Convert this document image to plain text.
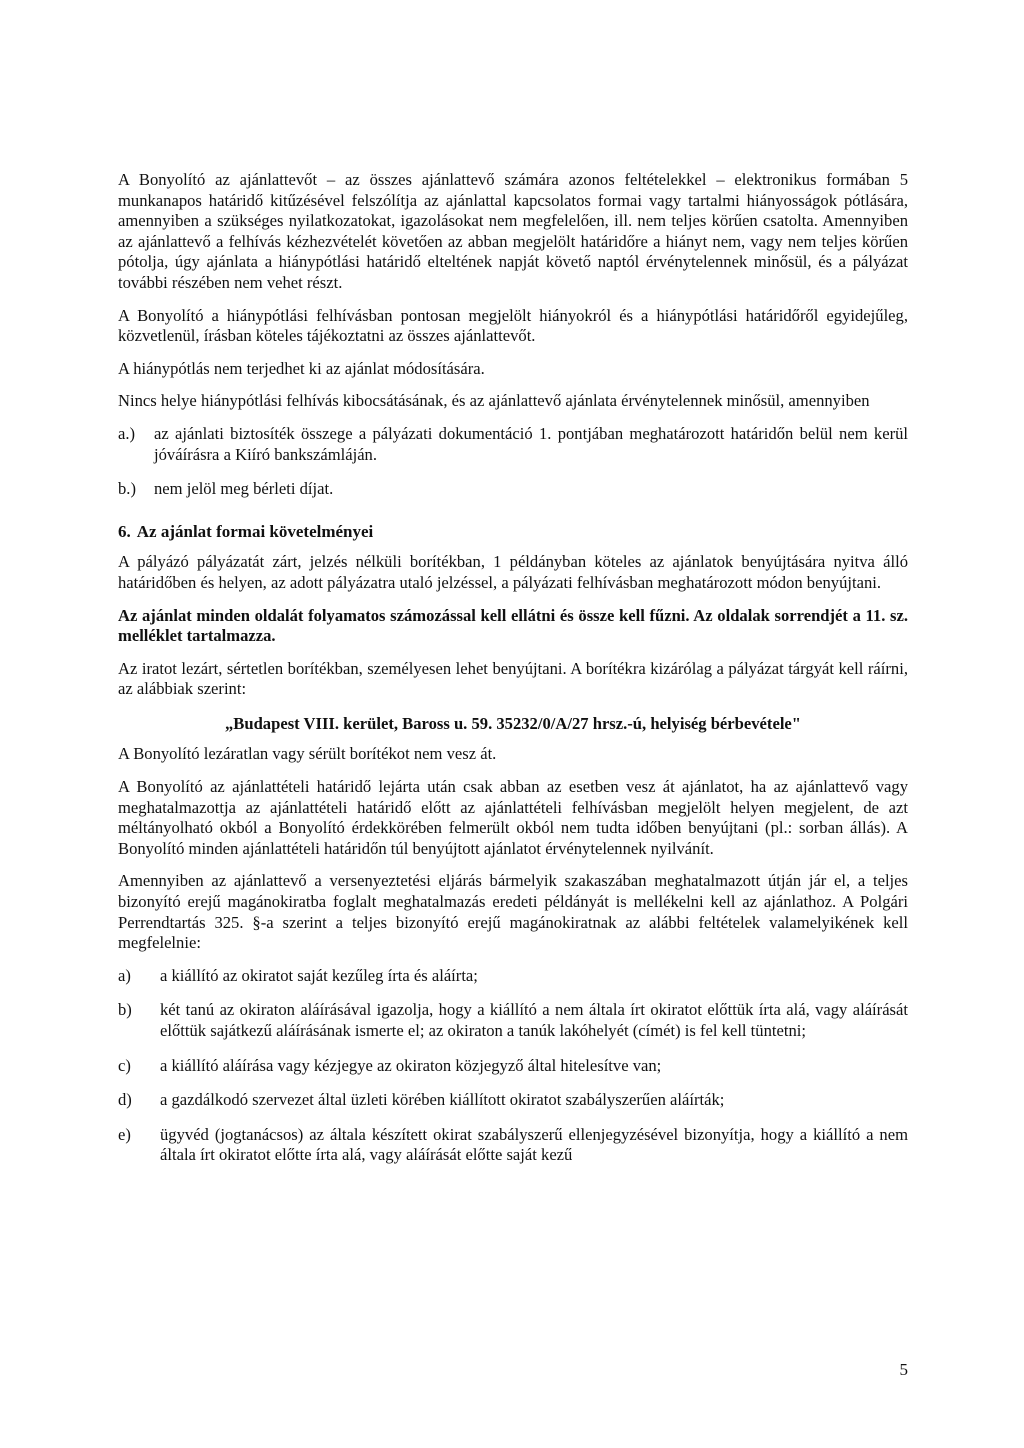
A Bonyolító az ajánlattevőt – az összes ajánlattevő számára azonos feltételekkel – elektronikus formában 5 munkanapos határidő kitűzésével felszólítja az ajánlattal kapcsolatos formai vagy tartalmi hiányosságok pótlására, amennyiben a szükséges nyilatkozatokat, igazolásokat nem megfelelően, ill. nem teljes körűen csatolta. Amennyiben az ajánlattevő a felhívás kézhezvételét követően az abban megjelölt határidőre a hiányt nem, vagy nem teljes körűen pótolja, úgy ajánlata a hiánypótlási határidő elteltének napját követő naptól érvénytelennek minősül, és a pályázat további részében nem vehet részt.

A Bonyolító a hiánypótlási felhívásban pontosan megjelölt hiányokról és a hiánypótlási határidőről egyidejűleg, közvetlenül, írásban köteles tájékoztatni az összes ajánlattevőt.

A hiánypótlás nem terjedhet ki az ajánlat módosítására.

Nincs helye hiánypótlási felhívás kibocsátásának, és az ajánlattevő ajánlata érvénytelennek minősül, amennyiben

a.)	az ajánlati biztosíték összege a pályázati dokumentáció 1. pontjában meghatározott határidőn belül nem kerül jóváírásra a Kiíró bankszámláján.
b.)	nem jelöl meg bérleti díjat.

6. Az ajánlat formai követelményei

A pályázó pályázatát zárt, jelzés nélküli borítékban, 1 példányban köteles az ajánlatok benyújtására nyitva álló határidőben és helyen, az adott pályázatra utaló jelzéssel, a pályázati felhívásban meghatározott módon benyújtani.

Az ajánlat minden oldalát folyamatos számozással kell ellátni és össze kell fűzni. Az oldalak sorrendjét a 11. sz. melléklet tartalmazza.

Az iratot lezárt, sértetlen borítékban, személyesen lehet benyújtani. A borítékra kizárólag a pályázat tárgyát kell ráírni, az alábbiak szerint:

„Budapest VIII. kerület, Baross u. 59. 35232/0/A/27 hrsz.-ú, helyiség bérbevétele"

A Bonyolító lezáratlan vagy sérült borítékot nem vesz át.

A Bonyolító az ajánlattételi határidő lejárta után csak abban az esetben vesz át ajánlatot, ha az ajánlattevő vagy meghatalmazottja az ajánlattételi határidő előtt az ajánlattételi felhívásban megjelölt helyen megjelent, de azt méltányolható okból a Bonyolító érdekkörében felmerült okból nem tudta időben benyújtani (pl.: sorban állás). A Bonyolító minden ajánlattételi határidőn túl benyújtott ajánlatot érvénytelennek nyilvánít.

Amennyiben az ajánlattevő a versenyeztetési eljárás bármelyik szakaszában meghatalmazott útján jár el, a teljes bizonyító erejű magánokiratba foglalt meghatalmazás eredeti példányát is mellékelni kell az ajánlathoz. A Polgári Perrendtartás 325. §-a szerint a teljes bizonyító erejű magánokiratnak az alábbi feltételek valamelyikének kell megfelelnie:

a)	a kiállító az okiratot saját kezűleg írta és aláírta;
b)	két tanú az okiraton aláírásával igazolja, hogy a kiállító a nem általa írt okiratot előttük írta alá, vagy aláírását előttük sajátkezű aláírásának ismerte el; az okiraton a tanúk lakóhelyét (címét) is fel kell tüntetni;
c)	a kiállító aláírása vagy kézjegye az okiraton közjegyző által hitelesítve van;
d)	a gazdálkodó szervezet által üzleti körében kiállított okiratot szabályszerűen aláírták;
e)	ügyvéd (jogtanácsos) az általa készített okirat szabályszerű ellenjegyzésével bizonyítja, hogy a kiállító a nem általa írt okiratot előtte írta alá, vagy aláírását előtte saját kezű
5
